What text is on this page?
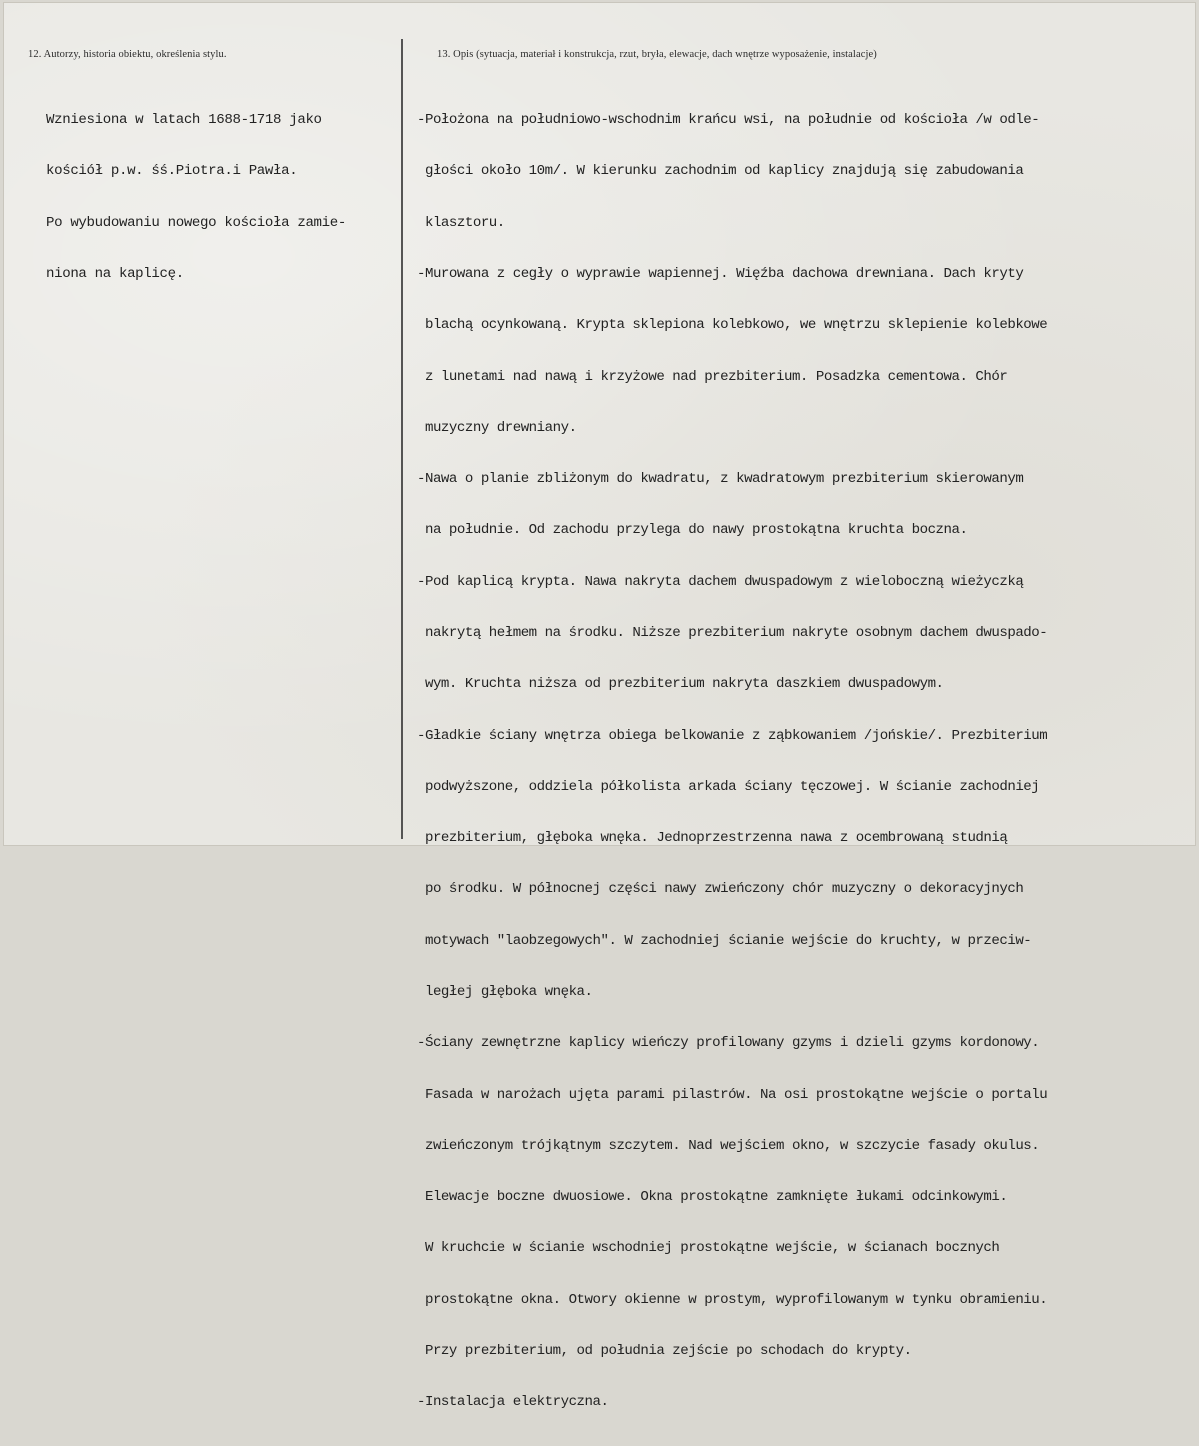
12. Autorzy, historia obiektu, określenia stylu.	13. Opis (sytuacja, materiał i konstrukcja, rzut, bryła, elewacje, dach wnętrze wyposażenie, instalacje)

Wzniesiona w latach 1688-1718 jako

kościół p.w. śś.Piotra.i Pawła.

Po wybudowaniu nowego kościoła zamie-

niona na kaplicę.

-Położona na południowo-wschodnim krańcu wsi, na południe od kościoła /w odle-

głości około 10m/. W kierunku zachodnim od kaplicy znajdują się zabudowania

klasztoru.

-Murowana z cegły o wyprawie wapiennej. Więźba dachowa drewniana. Dach kryty

blachą ocynkowaną. Krypta sklepiona kolebkowo, we wnętrzu sklepienie kolebkowe

z lunetami nad nawą i krzyżowe nad prezbiterium. Posadzka cementowa. Chór

muzyczny drewniany.

-Nawa o planie zbliżonym do kwadratu, z kwadratowym prezbiterium skierowanym

na południe. Od zachodu przylega do nawy prostokątna kruchta boczna.

-Pod kaplicą krypta. Nawa nakryta dachem dwuspadowym z wieloboczną wieżyczką

nakrytą hełmem na środku. Niższe prezbiterium nakryte osobnym dachem dwuspado-

wym. Kruchta niższa od prezbiterium nakryta daszkiem dwuspadowym.

-Gładkie ściany wnętrza obiega belkowanie z ząbkowaniem /jońskie/. Prezbiterium

podwyższone, oddziela półkolista arkada ściany tęczowej. W ścianie zachodniej

prezbiterium, głęboka wnęka. Jednoprzestrzenna nawa z ocembrowaną studnią

po środku. W północnej części nawy zwieńczony chór muzyczny o dekoracyjnych

motywach "laobzegowych". W zachodniej ścianie wejście do kruchty, w przeciw-

ległej głęboka wnęka.

-Ściany zewnętrzne kaplicy wieńczy profilowany gzyms i dzieli gzyms kordonowy.

Fasada w narożach ujęta parami pilastrów. Na osi prostokątne wejście o portalu

zwieńczonym trójkątnym szczytem. Nad wejściem okno, w szczycie fasady okulus.

Elewacje boczne dwuosiowe. Okna prostokątne zamknięte łukami odcinkowymi.

W kruchcie w ścianie wschodniej prostokątne wejście, w ścianach bocznych

prostokątne okna. Otwory okienne w prostym, wyprofilowanym w tynku obramieniu.

Przy prezbiterium, od południa zejście po schodach do krypty.

-Instalacja elektryczna.
